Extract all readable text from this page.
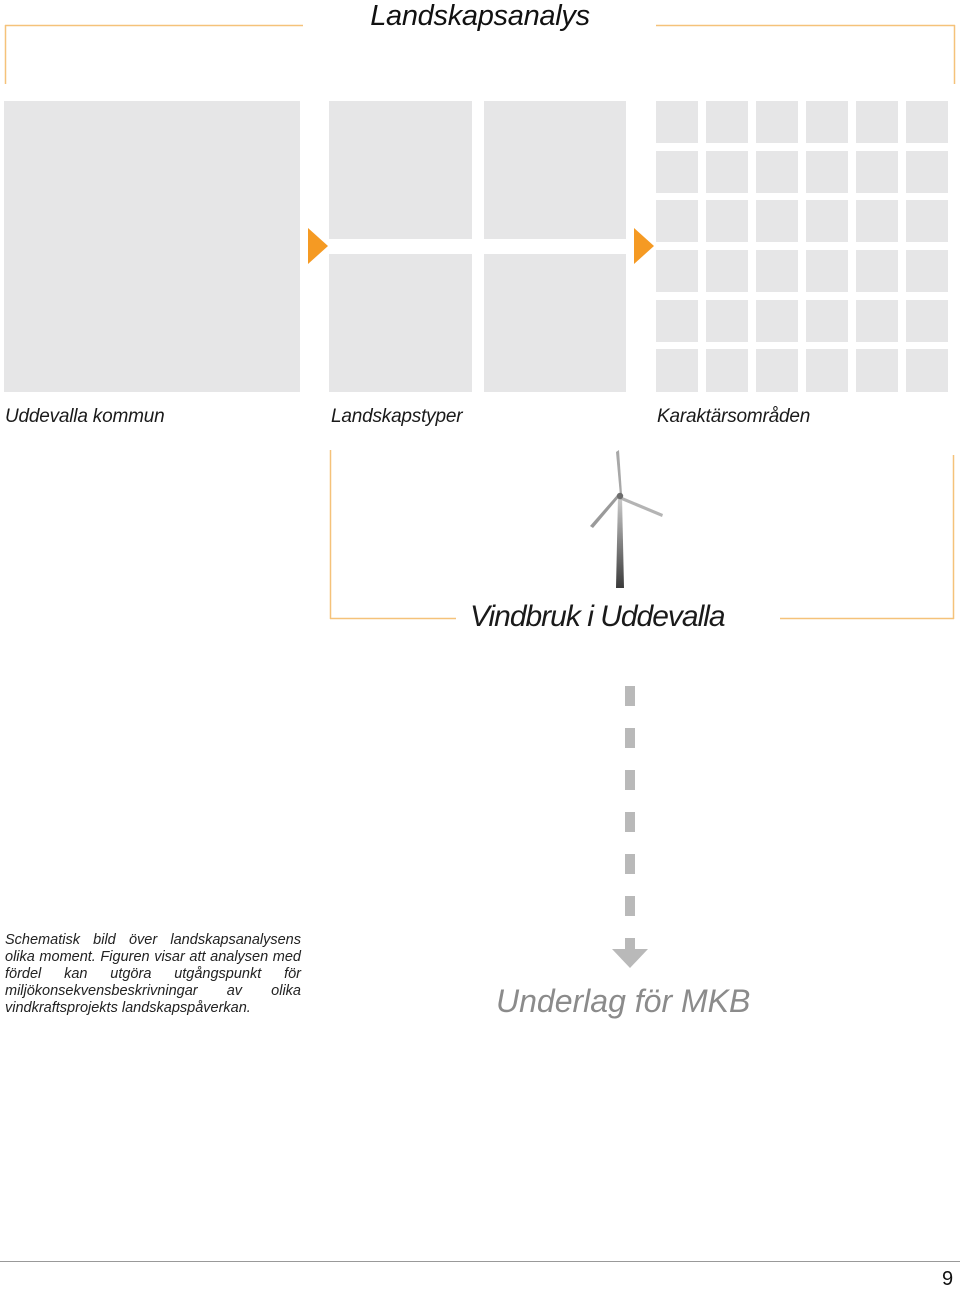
Landskapsanalys
Uddevalla kommun	Landskapstyper	Karaktärsområden
Vindbruk i Uddevalla
Underlag för MKB
Schematisk bild över landskapsanalysens olika moment. Figuren visar att analysen med fördel kan utgöra utgångspunkt för miljökonsekvensbeskrivningar av olika vindkraftsprojekts landskapspåverkan.
9
